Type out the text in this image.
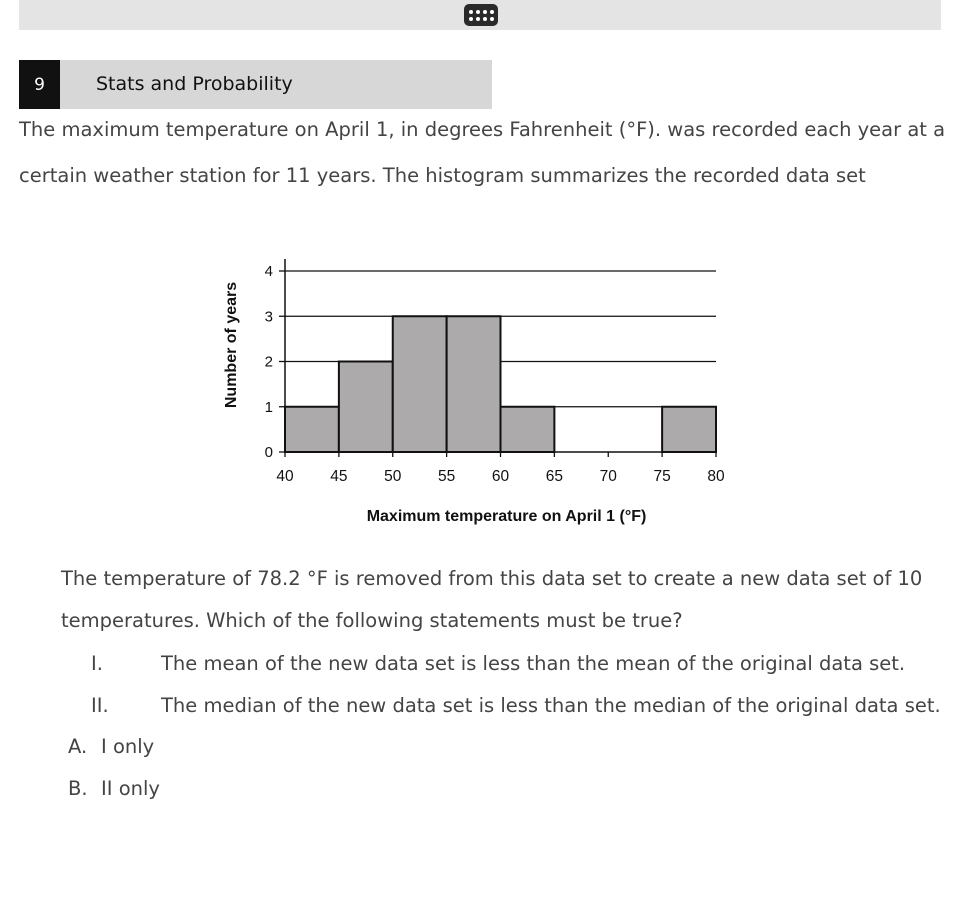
9	Stats and Probability

The maximum temperature on April 1, in degrees Fahrenheit (°F). was recorded each year at a certain weather station for 11 years. The histogram summarizes the recorded data set

0
1
2
3
4
40 45 50 55 60 65 70 75 80
Maximum temperature on April 1 (°F)
Number of years

The temperature of 78.2 °F is removed from this data set to create a new data set of 10 temperatures. Which of the following statements must be true?

I.	The mean of the new data set is less than the mean of the original data set.
II.	The median of the new data set is less than the median of the original data set.
A. I only
B. II only
